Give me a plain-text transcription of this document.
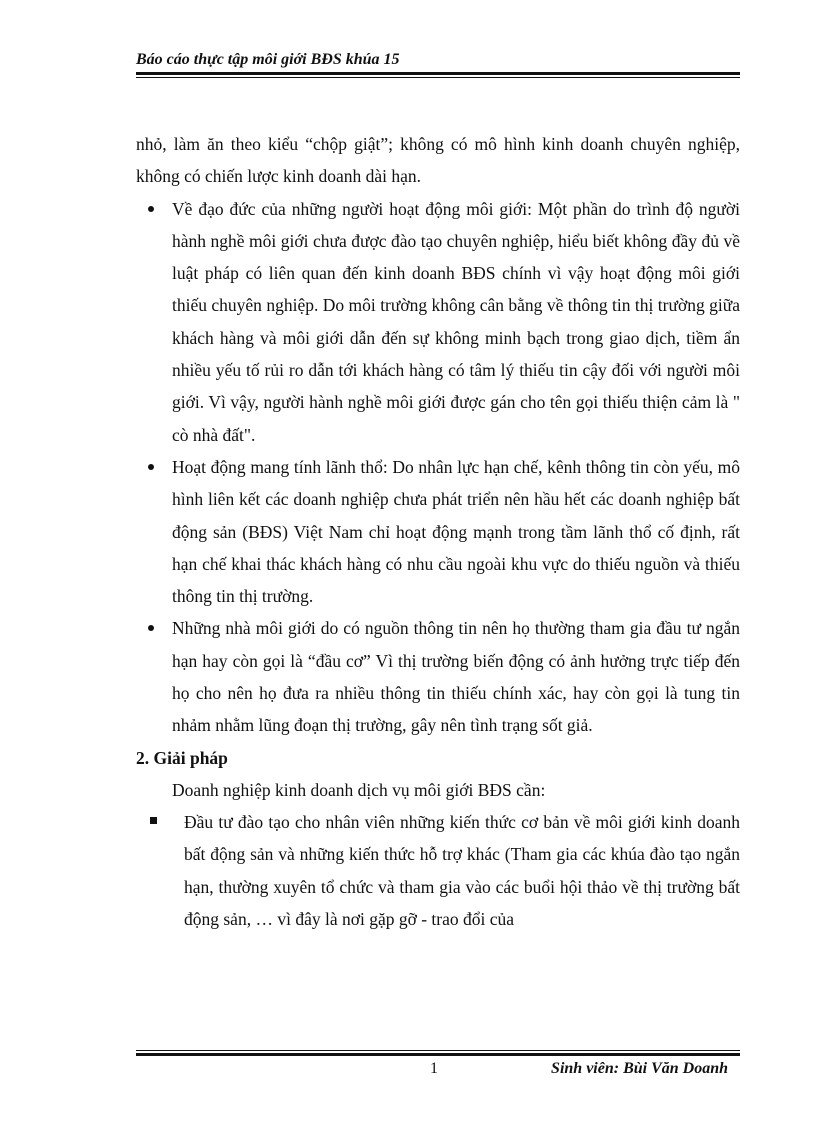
Báo cáo thực tập môi giới BĐS khúa 15

nhỏ, làm ăn theo kiểu “chộp giật”; không có mô hình kinh doanh chuyên nghiệp, không có chiến lược kinh doanh dài hạn.

Về đạo đức của những người hoạt động môi giới: Một phần do trình độ người hành nghề môi giới chưa được đào tạo chuyên nghiệp, hiểu biết không đầy đủ về luật pháp có liên quan đến kinh doanh BĐS chính vì vậy hoạt động môi giới thiếu chuyên nghiệp. Do môi trường không cân bằng về thông tin thị trường giữa khách hàng và môi giới dẫn đến sự không minh bạch trong giao dịch, tiềm ẩn nhiều yếu tố rủi ro dẫn tới khách hàng có tâm lý thiếu tin cậy đối với người môi giới. Vì vậy, người hành nghề môi giới được gán cho tên gọi thiếu thiện cảm là " cò nhà đất".
Hoạt động mang tính lãnh thổ: Do nhân lực hạn chế, kênh thông tin còn yếu, mô hình liên kết các doanh nghiệp chưa phát triển nên hầu hết các doanh nghiệp bất động sản (BĐS) Việt Nam chỉ hoạt động mạnh trong tầm lãnh thổ cố định, rất hạn chế khai thác khách hàng có nhu cầu ngoài khu vực do thiếu nguồn và thiếu thông tin thị trường.
Những nhà môi giới do có nguồn thông tin nên họ thường tham gia đầu tư ngắn hạn hay còn gọi là “đầu cơ” Vì thị trường biến động có ảnh hưởng trực tiếp đến họ cho nên họ đưa ra nhiều thông tin thiếu chính xác, hay còn gọi là tung tin nhảm nhằm lũng đoạn thị trường, gây nên tình trạng sốt giả.

2. Giải pháp

Doanh nghiệp kinh doanh dịch vụ môi giới BĐS cần:

Đầu tư đào tạo cho nhân viên những kiến thức cơ bản về môi giới kinh doanh bất động sản và những kiến thức hỗ trợ khác (Tham gia các khúa đào tạo ngắn hạn, thường xuyên tổ chức và tham gia vào các buổi hội thảo về thị trường bất động sản, … vì đây là nơi gặp gỡ - trao đổi của
1	Sinh viên: Bùi Văn Doanh
